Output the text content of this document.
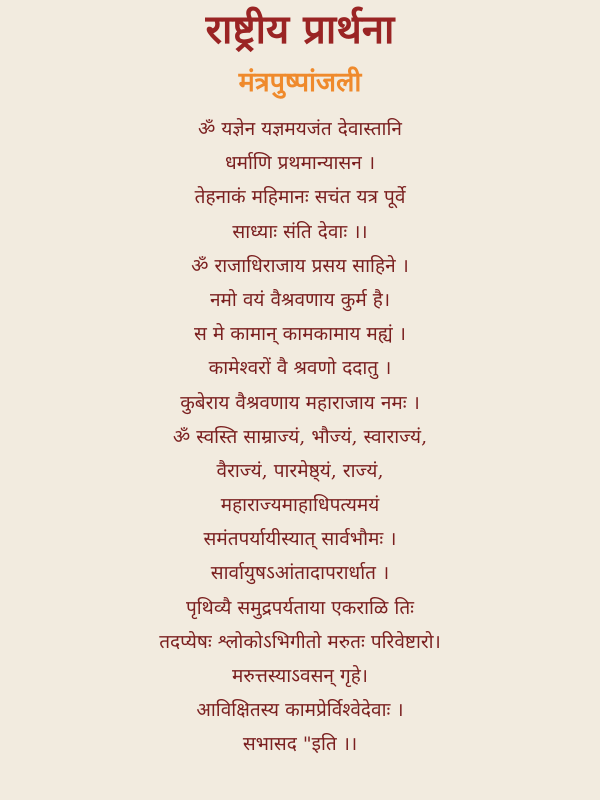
राष्ट्रीय प्रार्थना
मंत्रपुष्पांजली
ॐ यज्ञेन यज्ञमयजंत देवास्तानि
धर्माणि प्रथमान्यासन ।
तेहनाकं महिमानः सचंत यत्र पूर्वे
साध्याः संति देवाः ।।
ॐ राजाधिराजाय प्रसय साहिने ।
नमो वयं वैश्रवणाय कुर्म है।
स मे कामान् कामकामाय मह्यं ।
कामेश्वरों वै श्रवणो ददातु ।
कुबेराय वैश्रवणाय महाराजाय नमः ।
ॐ स्वस्ति साम्राज्यं, भौज्यं, स्वाराज्यं,
वैराज्यं, पारमेष्ठ्यं, राज्यं,
महाराज्यमाहाधिपत्यमयं
समंतपर्यायीस्यात् सार्वभौमः ।
सार्वायुषऽआंतादापरार्धात ।
पृथिव्यै समुद्रपर्यताया एकराळि तिः
तदप्येषः श्लोकोऽभिगीतो मरुतः परिवेष्टारो।
मरुत्तस्याऽवसन् गृहे।
आविक्षितस्य कामप्रेर्विश्वेदेवाः ।
सभासद "इति ।।
